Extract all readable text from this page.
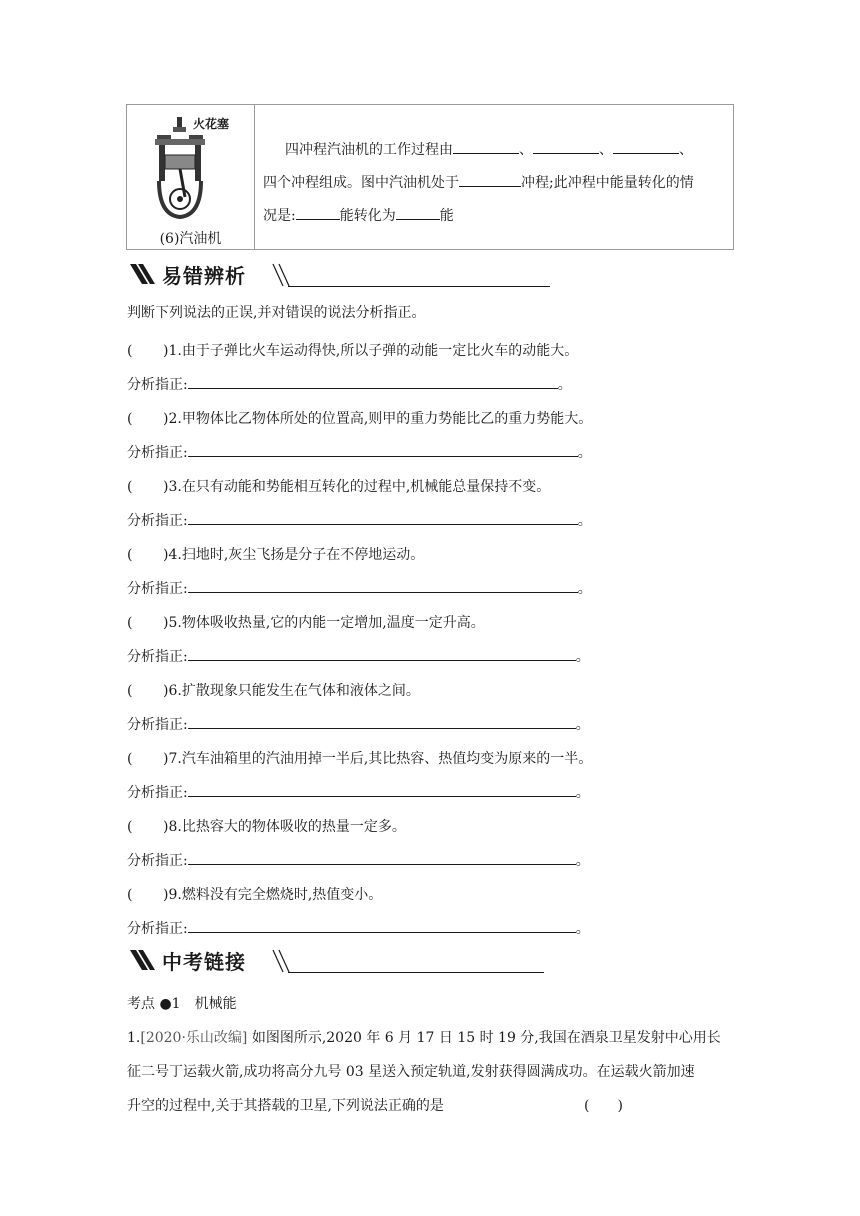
火花塞
(6)汽油机
四冲程汽油机的工作过程由	、	、	、
四个冲程组成。图中汽油机处于	冲程;此冲程中能量转化的情
况是:	能转化为	能
易错辨析
判断下列说法的正误,并对错误的说法分析指正。
( )1.由于子弹比火车运动得快,所以子弹的动能一定比火车的动能大。
分析指正:	。
( )2.甲物体比乙物体所处的位置高,则甲的重力势能比乙的重力势能大。
分析指正:	。
( )3.在只有动能和势能相互转化的过程中,机械能总量保持不变。
分析指正:	。
( )4.扫地时,灰尘飞扬是分子在不停地运动。
分析指正:	。
( )5.物体吸收热量,它的内能一定增加,温度一定升高。
分析指正:	。
( )6.扩散现象只能发生在气体和液体之间。
分析指正:	。
( )7.汽车油箱里的汽油用掉一半后,其比热容、热值均变为原来的一半。
分析指正:	。
( )8.比热容大的物体吸收的热量一定多。
分析指正:	。
( )9.燃料没有完全燃烧时,热值变小。
分析指正:	。
中考链接
考点 ●1　机械能
1.[2020·乐山改编] 如图图所示,2020 年 6 月 17 日 15 时 19 分,我国在酒泉卫星发射中心用长
征二号丁运载火箭,成功将高分九号 03 星送入预定轨道,发射获得圆满成功。在运载火箭加速
升空的过程中,关于其搭载的卫星,下列说法正确的是	(　　)
